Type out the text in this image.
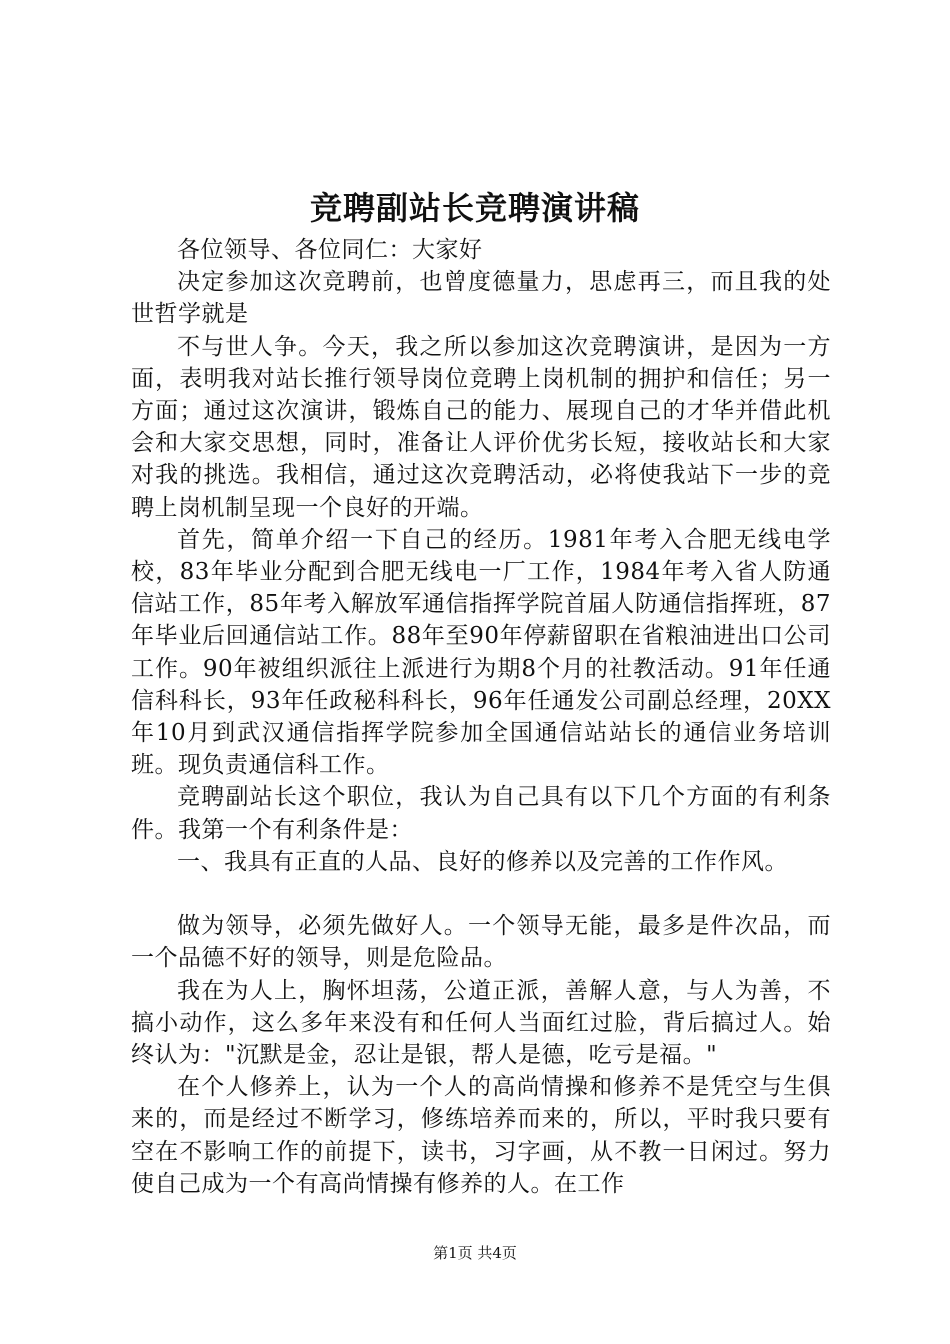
竞聘副站长竞聘演讲稿

各位领导、各位同仁：大家好

决定参加这次竞聘前，也曾度德量力，思虑再三，而且我的处世哲学就是

不与世人争。今天，我之所以参加这次竞聘演讲，是因为一方面，表明我对站长推行领导岗位竞聘上岗机制的拥护和信任；另一方面；通过这次演讲，锻炼自己的能力、展现自己的才华并借此机会和大家交思想，同时，准备让人评价优劣长短，接收站长和大家对我的挑选。我相信，通过这次竞聘活动，必将使我站下一步的竞聘上岗机制呈现一个良好的开端。

首先，简单介绍一下自己的经历。1981年考入合肥无线电学校，83年毕业分配到合肥无线电一厂工作，1984年考入省人防通信站工作，85年考入解放军通信指挥学院首届人防通信指挥班，87年毕业后回通信站工作。88年至90年停薪留职在省粮油进出口公司工作。90年被组织派往上派进行为期8个月的社教活动。91年任通信科科长，93年任政秘科科长，96年任通发公司副总经理，20XX年10月到武汉通信指挥学院参加全国通信站站长的通信业务培训班。现负责通信科工作。

竞聘副站长这个职位，我认为自己具有以下几个方面的有利条件。我第一个有利条件是：

一、我具有正直的人品、良好的修养以及完善的工作作风。

做为领导，必须先做好人。一个领导无能，最多是件次品，而一个品德不好的领导，则是危险品。

我在为人上，胸怀坦荡，公道正派，善解人意，与人为善，不搞小动作，这么多年来没有和任何人当面红过脸，背后搞过人。始终认为："沉默是金，忍让是银，帮人是德，吃亏是福。"

在个人修养上，认为一个人的高尚情操和修养不是凭空与生俱来的，而是经过不断学习，修练培养而来的，所以，平时我只要有空在不影响工作的前提下，读书，习字画，从不教一日闲过。努力使自己成为一个有高尚情操有修养的人。在工作

第1页 共4页
